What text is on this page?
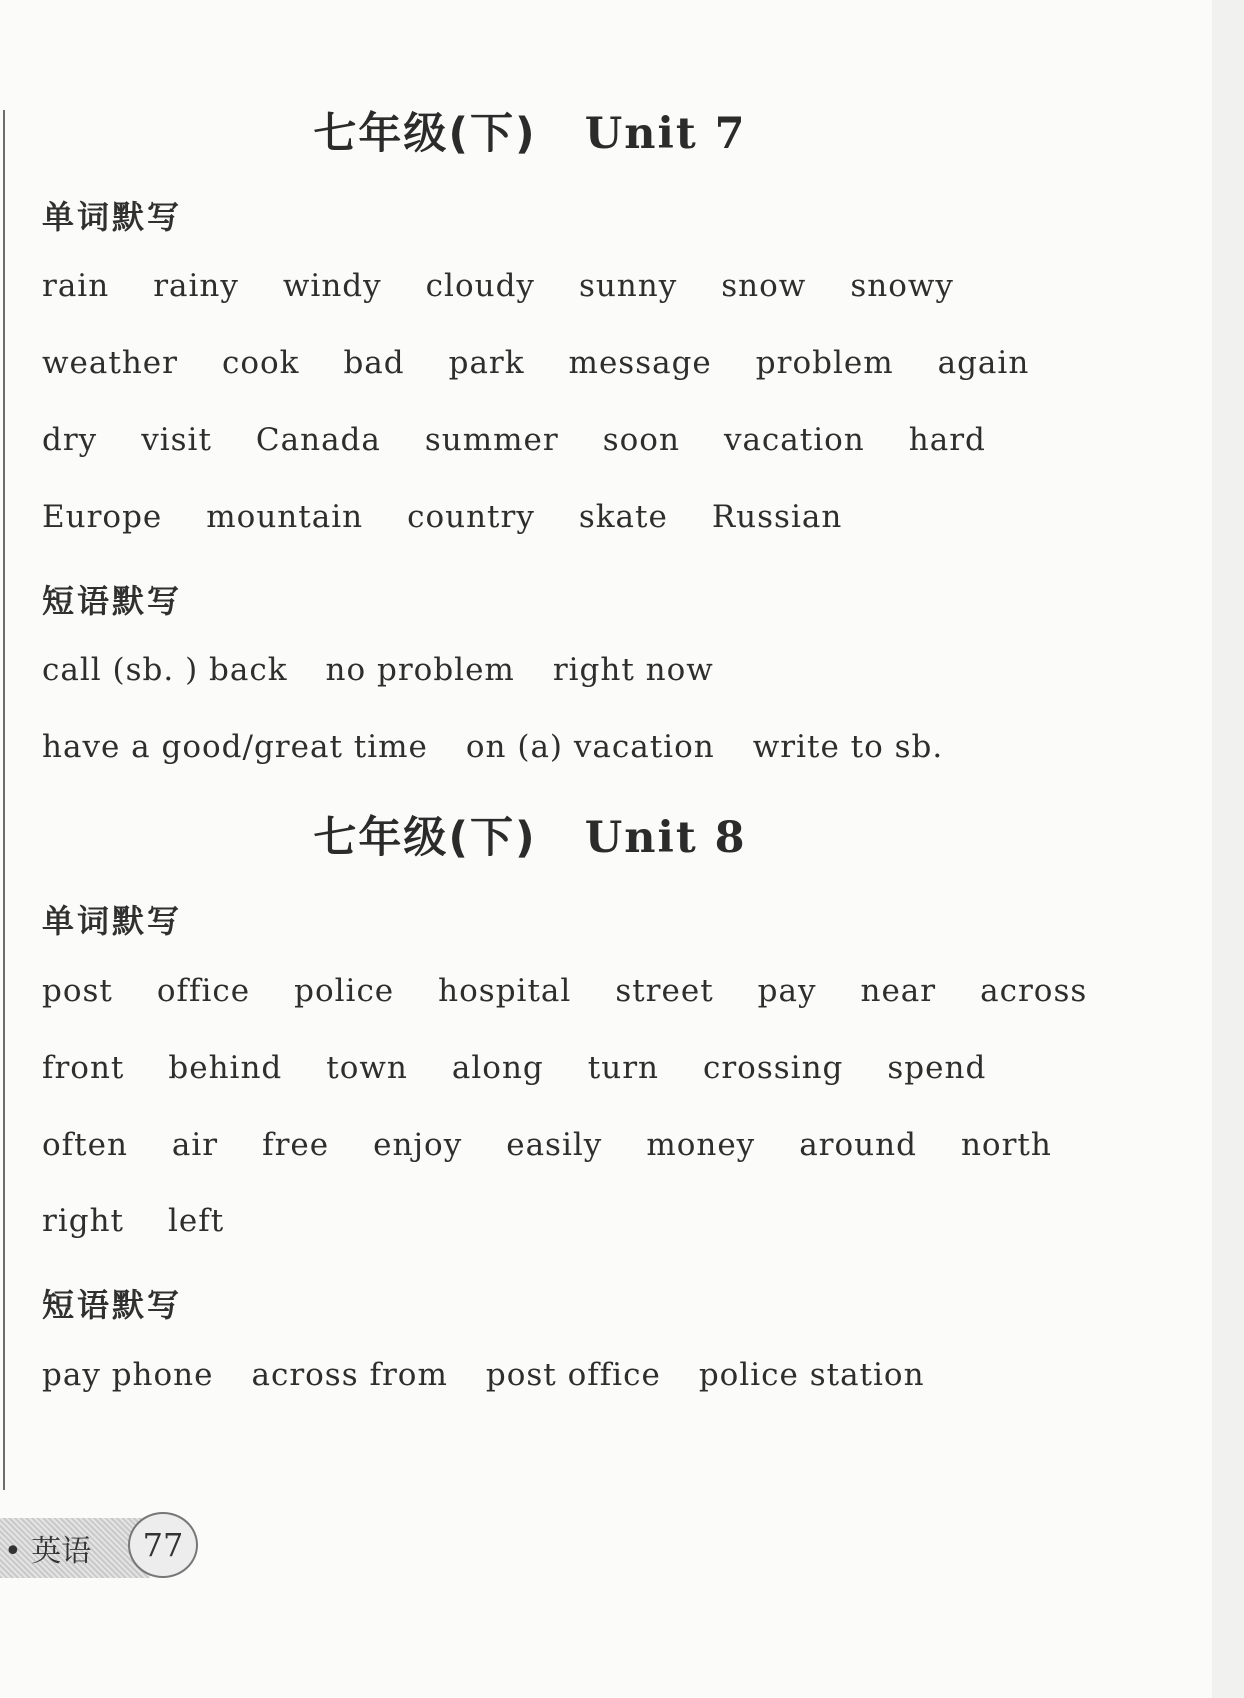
七年级(下) Unit 7
单词默写
rain rainy windy cloudy sunny snow snowy
weather cook bad park message problem again
dry visit Canada summer soon vacation hard
Europe mountain country skate Russian
短语默写
call (sb. ) back no problem right now
have a good/great time on (a) vacation write to sb.
七年级(下) Unit 8
单词默写
post office police hospital street pay near across
front behind town along turn crossing spend
often air free enjoy easily money around north
right left
短语默写
pay phone across from post office police station
• 英语 77
